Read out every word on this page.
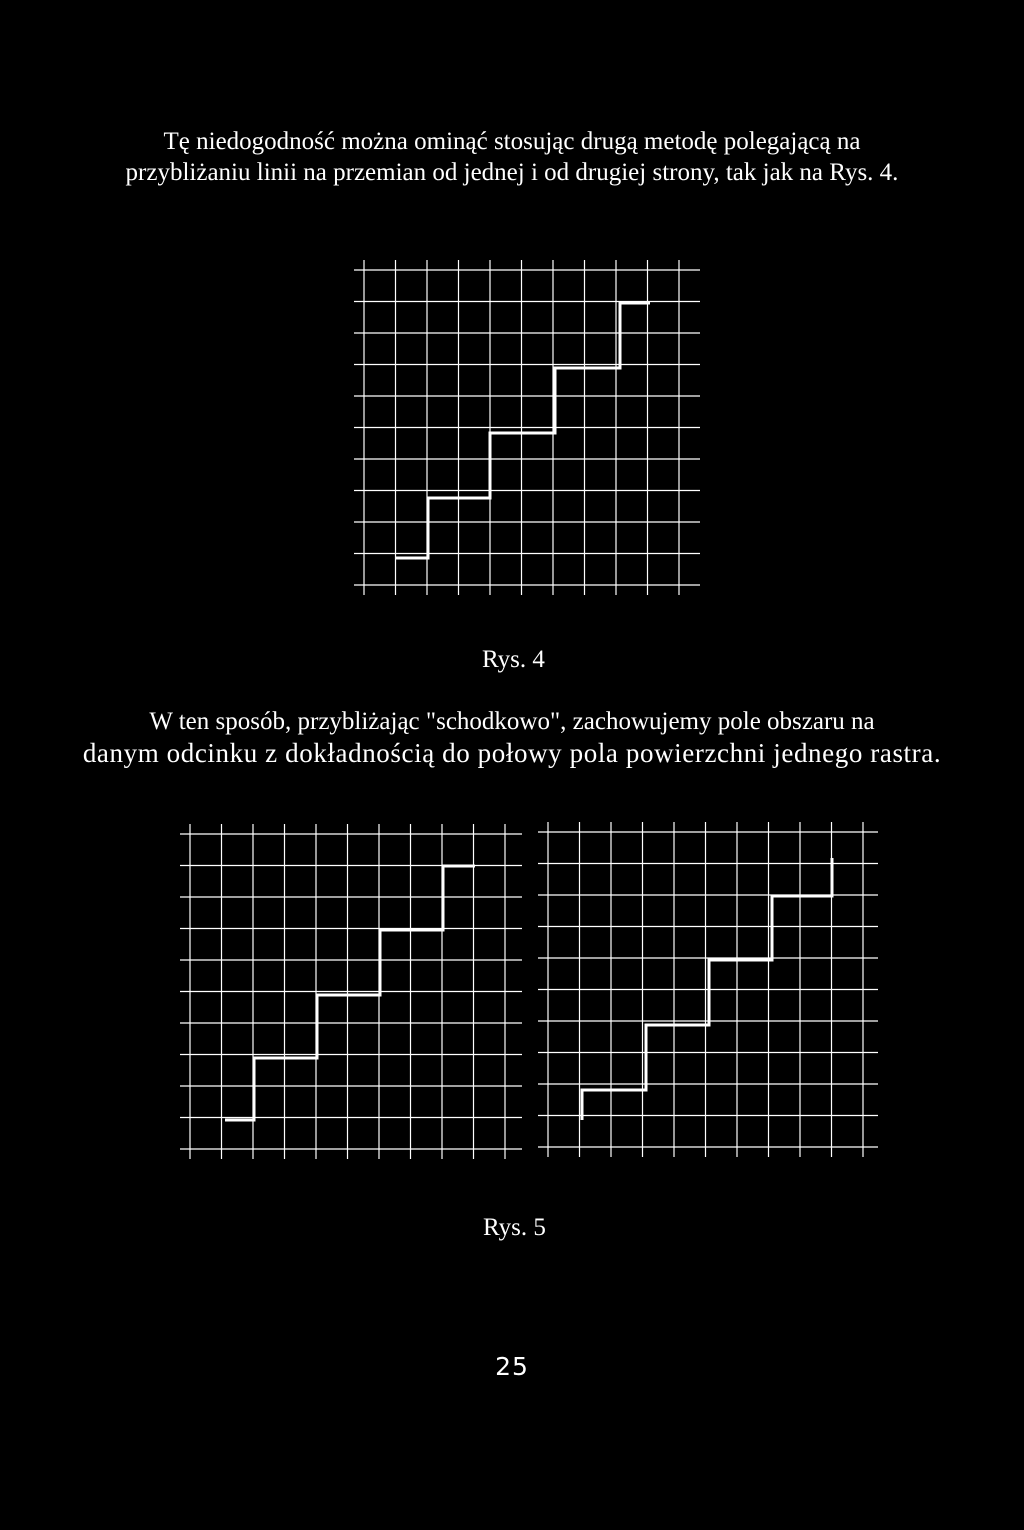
Tę niedogodność można ominąć stosując drugą metodę polegającą na
przybliżaniu linii na przemian od jednej i od drugiej strony, tak jak na Rys. 4.

Rys. 4

W ten sposób, przybliżając "schodkowo", zachowujemy pole obszaru na
danym odcinku z dokładnością do połowy pola powierzchni jednego rastra.

Rys. 5
25
